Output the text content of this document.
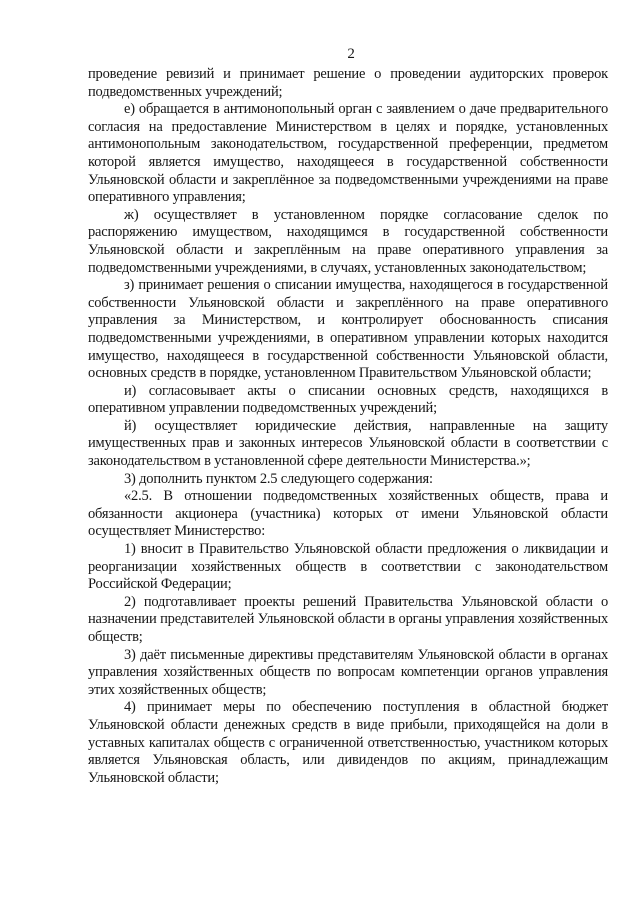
2

проведение ревизий и принимает решение о проведении аудиторских проверок подведомственных учреждений;

е) обращается в антимонопольный орган с заявлением о даче предварительного согласия на предоставление Министерством в целях и порядке, установленных антимонопольным законодательством, государственной преференции, предметом которой является имущество, находящееся в государственной собственности Ульяновской области и закреплённое за подведомственными учреждениями на праве оперативного управления;

ж) осуществляет в установленном порядке согласование сделок по распоряжению имуществом, находящимся в государственной собственности Ульяновской области и закреплённым на праве оперативного управления за подведомственными учреждениями, в случаях, установленных законодательством;

з) принимает решения о списании имущества, находящегося в государственной собственности Ульяновской области и закреплённого на праве оперативного управления за Министерством, и контролирует обоснованность списания подведомственными учреждениями, в оперативном управлении которых находится имущество, находящееся в государственной собственности Ульяновской области, основных средств в порядке, установленном Правительством Ульяновской области;

и) согласовывает акты о списании основных средств, находящихся в оперативном управлении подведомственных учреждений;

й) осуществляет юридические действия, направленные на защиту имущественных прав и законных интересов Ульяновской области в соответствии с законодательством в установленной сфере деятельности Министерства.»;

3) дополнить пунктом 2.5 следующего содержания:

«2.5. В отношении подведомственных хозяйственных обществ, права и обязанности акционера (участника) которых от имени Ульяновской области осуществляет Министерство:

1) вносит в Правительство Ульяновской области предложения о ликвидации и реорганизации хозяйственных обществ в соответствии с законодательством Российской Федерации;

2) подготавливает проекты решений Правительства Ульяновской области о назначении представителей Ульяновской области в органы управления хозяйственных обществ;

3) даёт письменные директивы представителям Ульяновской области в органах управления хозяйственных обществ по вопросам компетенции органов управления этих хозяйственных обществ;

4) принимает меры по обеспечению поступления в областной бюджет Ульяновской области денежных средств в виде прибыли, приходящейся на доли в уставных капиталах обществ с ограниченной ответственностью, участником которых является Ульяновская область, или дивидендов по акциям, принадлежащим Ульяновской области;
